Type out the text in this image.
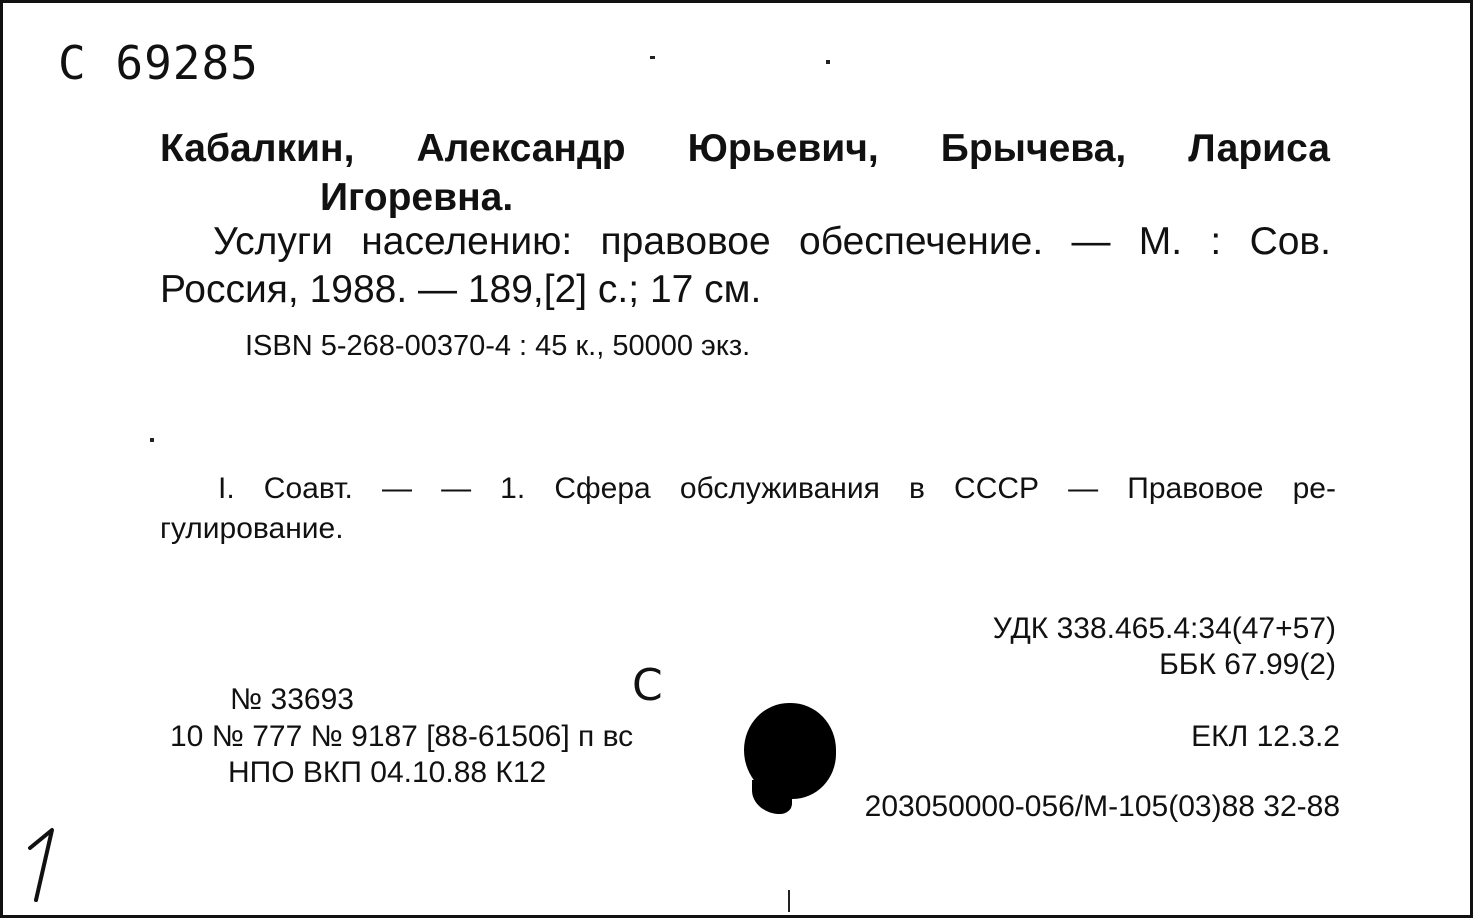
С 69285
Кабалкин, Александр Юрьевич, Брычева, Лариса
Игоревна.
Услуги населению: правовое обеспечение. — М. : Сов.
Россия, 1988. — 189,[2] с.; 17 см.
ISBN 5-268-00370-4 : 45 к., 50000 экз.
I. Соавт. — — 1. Сфера обслуживания в СССР — Правовое ре-
гулирование.
УДК 338.465.4:34(47+57)
ББК 67.99(2)
С
№ 33693
10 № 777 № 9187 [88-61506] п вс
НПО ВКП 04.10.88 К12
ЕКЛ 12.3.2
203050000-056/М-105(03)88 32-88
